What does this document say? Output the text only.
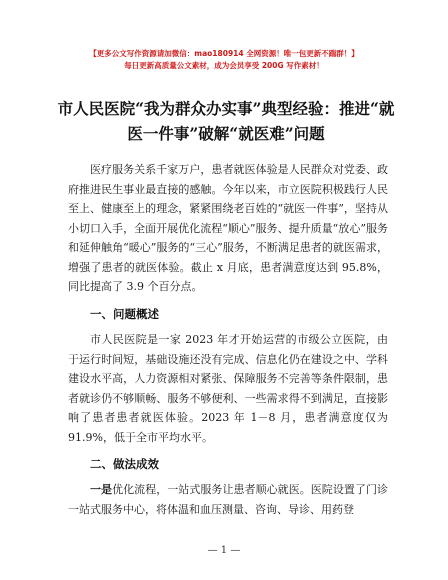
【更多公文写作资源请加微信：mao180914 全网资源！唯一包更新不踹群！】
每日更新高质量公文素材，成为会员享受 200G 写作素材！
市人民医院“我为群众办实事”典型经验：推进“就医一件事”破解“就医难”问题
医疗服务关系千家万户，患者就医体验是人民群众对党委、政府推进民生事业最直接的感触。今年以来，市立医院积极践行人民至上、健康至上的理念，紧紧围绕老百姓的“就医一件事”，坚持从小切口入手，全面开展优化流程“顺心”服务、提升质量“放心”服务和延伸触角“暖心”服务的“三心”服务，不断满足患者的就医需求，增强了患者的就医体验。截止 x 月底，患者满意度达到 95.8%，同比提高了 3.9 个百分点。
一、问题概述
市人民医院是一家 2023 年才开始运营的市级公立医院，由于运行时间短，基础设施还没有完成、信息化仍在建设之中、学科建设水平高，人力资源相对紧张、保障服务不完善等条件限制，患者就诊仍不够顺畅、服务不够便利、一些需求得不到满足，直接影响了患者患者就医体验。2023 年 1－8 月，患者满意度仅为 91.9%，低于全市平均水平。
二、做法成效
一是优化流程，一站式服务让患者顺心就医。医院设置了门诊一站式服务中心，将体温和血压测量、咨询、导诊、用药登
— 1 —
